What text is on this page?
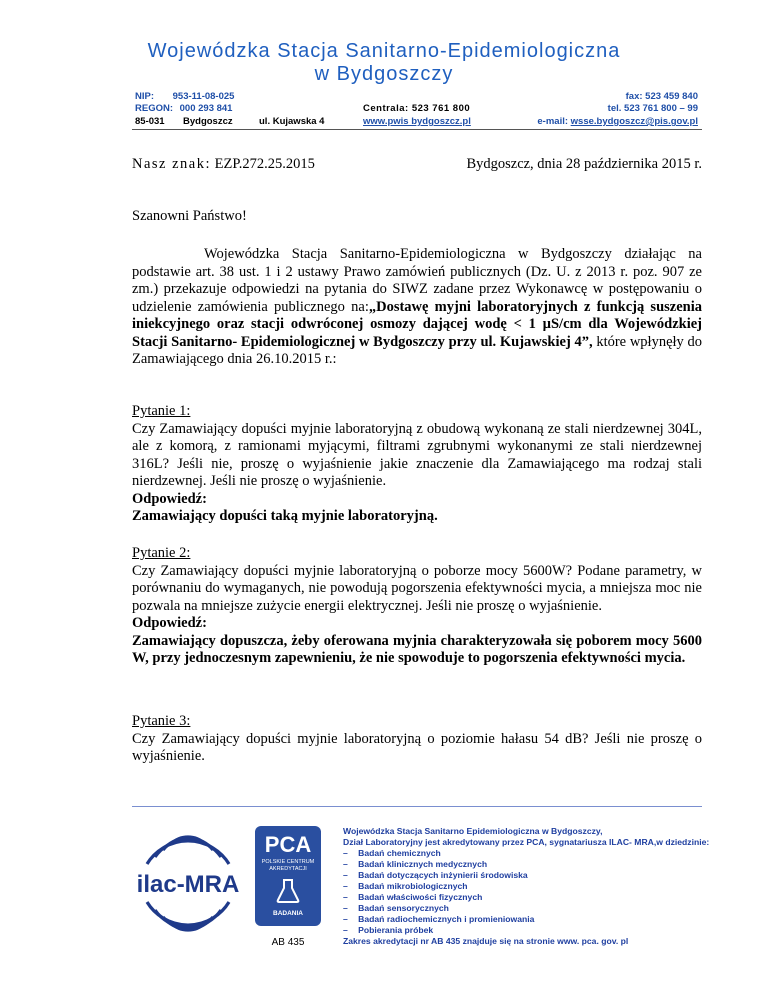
Wojewódzka Stacja Sanitarno-Epidemiologiczna
w Bydgoszczy
NIP: 953-11-08-025
REGON: 000 293 841
85-031 Bydgoszcz	ul. Kujawska 4
Centrala: 523 761 800
www.pwis bydgoszcz.pl
fax: 523 459 840
tel. 523 761 800 – 99
e-mail: wsse.bydgoszcz@pis.gov.pl
Nasz znak: EZP.272.25.2015	Bydgoszcz, dnia 28 października 2015 r.
Szanowni Państwo!

Wojewódzka Stacja Sanitarno-Epidemiologiczna w Bydgoszczy działając na podstawie art. 38 ust. 1 i 2 ustawy Prawo zamówień publicznych (Dz. U. z 2013 r. poz. 907 ze zm.) przekazuje odpowiedzi na pytania do SIWZ zadane przez Wykonawcę w postępowaniu o udzielenie zamówienia publicznego na:„Dostawę myjni laboratoryjnych z funkcją suszenia iniekcyjnego oraz stacji odwróconej osmozy dającej wodę < 1 µS/cm dla Wojewódzkiej Stacji Sanitarno- Epidemiologicznej w Bydgoszczy przy ul. Kujawskiej 4”, które wpłynęły do Zamawiającego dnia 26.10.2015 r.:

Pytanie 1:

Czy Zamawiający dopuści myjnie laboratoryjną z obudową wykonaną ze stali nierdzewnej 304L, ale z komorą, z ramionami myjącymi, filtrami zgrubnymi wykonanymi ze stali nierdzewnej 316L? Jeśli nie, proszę o wyjaśnienie jakie znaczenie dla Zamawiającego ma rodzaj stali nierdzewnej. Jeśli nie proszę o wyjaśnienie.

Odpowiedź:

Zamawiający dopuści taką myjnie laboratoryjną.

Pytanie 2:

Czy Zamawiający dopuści myjnie laboratoryjną o poborze mocy 5600W? Podane parametry, w porównaniu do wymaganych, nie powodują pogorszenia efektywności mycia, a mniejsza moc nie pozwala na mniejsze zużycie energii elektrycznej. Jeśli nie proszę o wyjaśnienie.

Odpowiedź:

Zamawiający dopuszcza, żeby oferowana myjnia charakteryzowała się poborem mocy 5600 W, przy jednoczesnym zapewnieniu, że nie spowoduje to pogorszenia efektywności mycia.

Pytanie 3:

Czy Zamawiający dopuści myjnie laboratoryjną o poziomie hałasu 54 dB? Jeśli nie proszę o wyjaśnienie.

ilac-MRA
PCA
POLSKIE CENTRUM
AKREDYTACJI
BADANIA
AB 435
Wojewódzka Stacja Sanitarno Epidemiologiczna w Bydgoszczy,
Dział Laboratoryjny jest akredytowany przez PCA, sygnatariusza ILAC- MRA,w dziedzinie:
– Badań chemicznych
– Badań klinicznych medycznych
– Badań dotyczących inżynierii środowiska
– Badań mikrobiologicznych
– Badań właściwości fizycznych
– Badań sensorycznych
– Badań radiochemicznych i promieniowania
– Pobierania próbek
Zakres akredytacji nr AB 435 znajduje się na stronie www. pca. gov. pl
